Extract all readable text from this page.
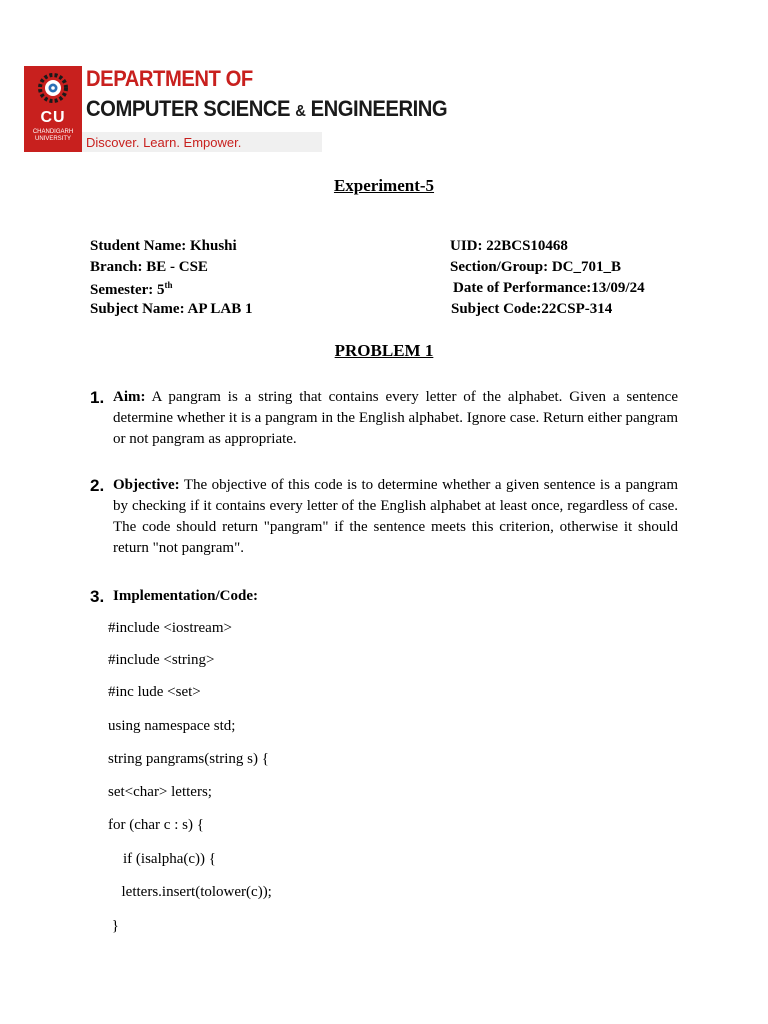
CU
CHANDIGARH
UNIVERSITY
DEPARTMENT OF
COMPUTER SCIENCE & ENGINEERING
Discover. Learn. Empower.
Experiment-5
Student Name: Khushi	UID: 22BCS10468
Branch: BE - CSE	Section/Group: DC_701_B
Semester: 5th	Date of Performance:13/09/24
Subject Name: AP LAB 1	Subject Code:22CSP-314
PROBLEM 1
1. Aim: A pangram is a string that contains every letter of the alphabet. Given a sentence determine whether it is a pangram in the English alphabet. Ignore case. Return either pangram or not pangram as appropriate.
2. Objective: The objective of this code is to determine whether a given sentence is a pangram by checking if it contains every letter of the English alphabet at least once, regardless of case. The code should return "pangram" if the sentence meets this criterion, otherwise it should return "not pangram".
3. Implementation/Code:
#include <iostream>
#include <string>
#inc lude <set>
using namespace std;
string pangrams(string s) {
set<char> letters;
for (char c : s) {
if (isalpha(c)) {
letters.insert(tolower(c));
}
